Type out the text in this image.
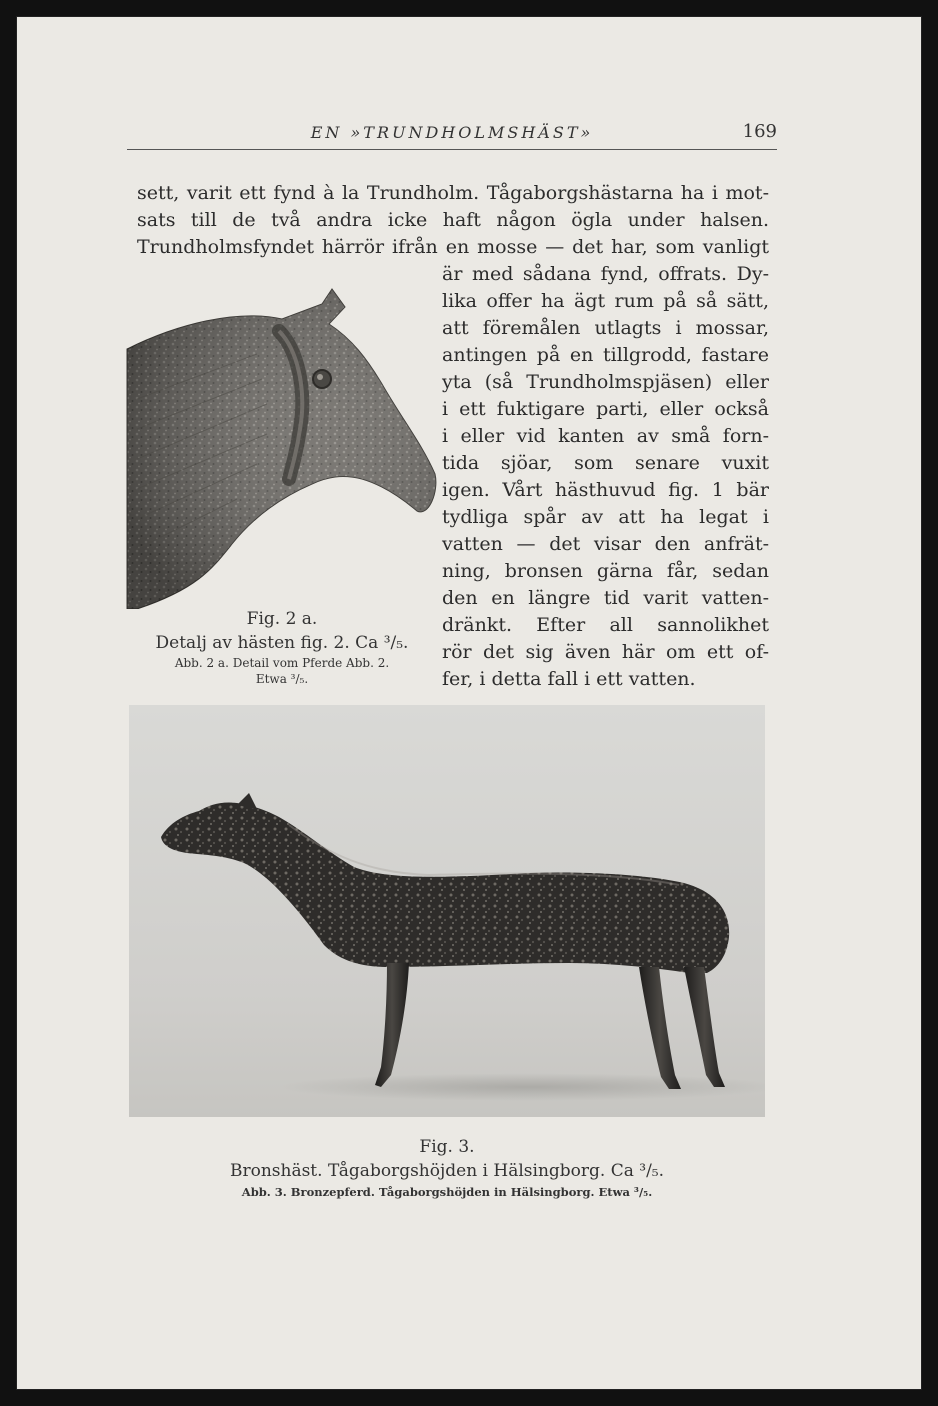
EN »TRUNDHOLMSHÄST»	169
sett, varit ett fynd à la Trundholm. Tågaborgshästarna ha i mot-
sats till de två andra icke haft någon ögla under halsen.
Trundholmsfyndet härrör ifrån en mosse — det har, som vanligt
är med sådana fynd, offrats. Dy-
lika offer ha ägt rum på så sätt,
att föremålen utlagts i mossar,
antingen på en tillgrodd, fastare
yta (så Trundholmspjäsen) eller
i ett fuktigare parti, eller också
i eller vid kanten av små forn-
tida sjöar, som senare vuxit
igen. Vårt hästhuvud fig. 1 bär
tydliga spår av att ha legat i
vatten — det visar den anfrät-
ning, bronsen gärna får, sedan
den en längre tid varit vatten-
dränkt. Efter all sannolikhet
rör det sig även här om ett of-
fer, i detta fall i ett vatten.
Fig. 2 a.
Detalj av hästen fig. 2. Ca ³/₅.
Abb. 2 a. Detail vom Pferde Abb. 2.
Etwa ³/₅.
Fig. 3.
Bronshäst. Tågaborgshöjden i Hälsingborg. Ca ³/₅.
Abb. 3. Bronzepferd. Tågaborgshöjden in Hälsingborg. Etwa ³/₅.
